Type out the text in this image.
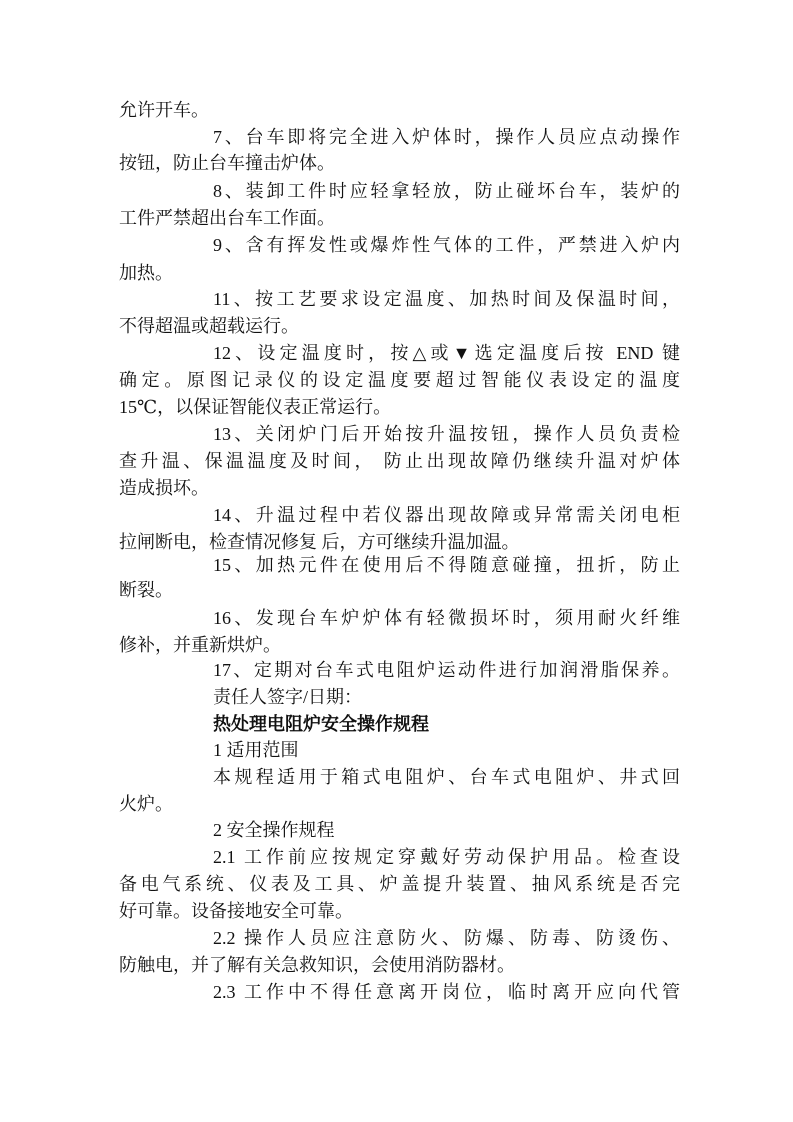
允许开车。
7、台车即将完全进入炉体时，操作人员应点动操作
按钮，防止台车撞击炉体。
8、装卸工件时应轻拿轻放，防止碰坏台车，装炉的
工件严禁超出台车工作面。
9、含有挥发性或爆炸性气体的工件，严禁进入炉内
加热。
11、按工艺要求设定温度、加热时间及保温时间，
不得超温或超载运行。
12、设定温度时，按△或▼选定温度后按 END 键
确定。原图记录仪的设定温度要超过智能仪表设定的温度
15℃，以保证智能仪表正常运行。
13、关闭炉门后开始按升温按钮，操作人员负责检
查升温、保温温度及时间， 防止出现故障仍继续升温对炉体
造成损坏。
14、升温过程中若仪器出现故障或异常需关闭电柜
拉闸断电，检查情况修复 后，方可继续升温加温。
15、加热元件在使用后不得随意碰撞，扭折，防止
断裂。
16、发现台车炉炉体有轻微损坏时，须用耐火纤维
修补，并重新烘炉。
17、定期对台车式电阻炉运动件进行加润滑脂保养。
责任人签字/日期：
热处理电阻炉安全操作规程
1 适用范围
本规程适用于箱式电阻炉、台车式电阻炉、井式回
火炉。
2 安全操作规程
2.1 工作前应按规定穿戴好劳动保护用品。检查设
备电气系统、仪表及工具、炉盖提升装置、抽风系统是否完
好可靠。设备接地安全可靠。
2.2 操作人员应注意防火、防爆、防毒、防烫伤、
防触电，并了解有关急救知识，会使用消防器材。
2.3 工作中不得任意离开岗位，临时离开应向代管
